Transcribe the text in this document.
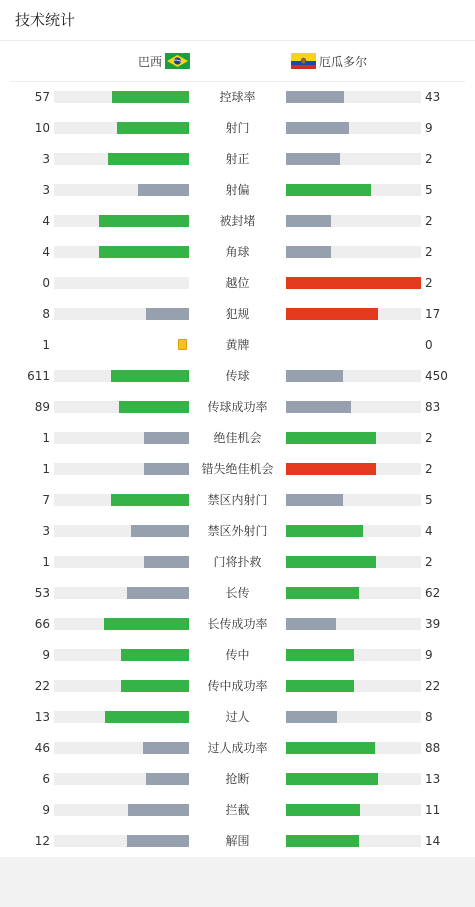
技术统计
巴西	厄瓜多尔
57	控球率	43
10	射门	9
3	射正	2
3	射偏	5
4	被封堵	2
4	角球	2
0	越位	2
8	犯规	17
1	黄牌	0
611	传球	450
89	传球成功率	83
1	绝佳机会	2
1	错失绝佳机会	2
7	禁区内射门	5
3	禁区外射门	4
1	门将扑救	2
53	长传	62
66	长传成功率	39
9	传中	9
22	传中成功率	22
13	过人	8
46	过人成功率	88
6	抢断	13
9	拦截	11
12	解围	14
